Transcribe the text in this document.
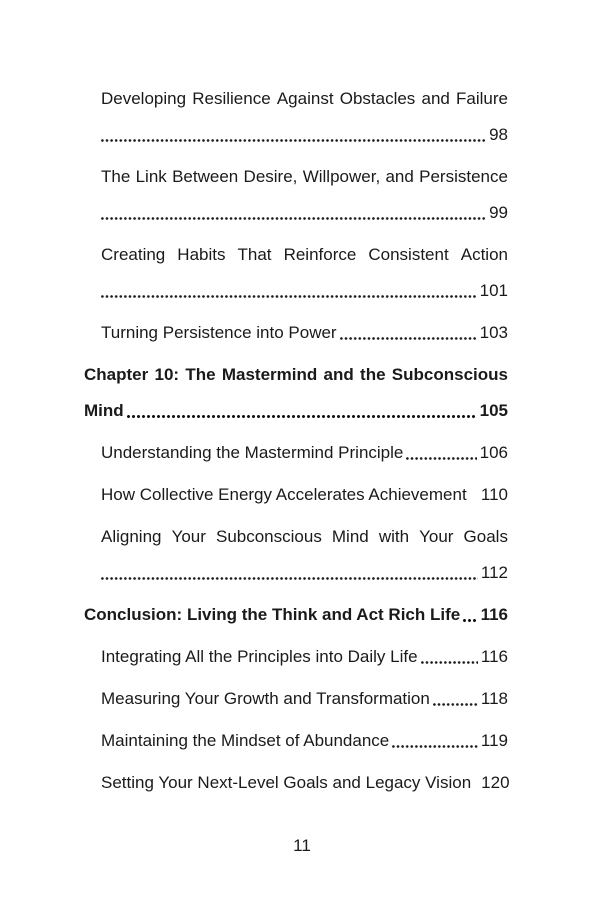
Developing Resilience Against Obstacles and Failure
98
The Link Between Desire, Willpower, and Persistence
99
Creating Habits That Reinforce Consistent Action
101
Turning Persistence into Power	103
Chapter 10: The Mastermind and the Subconscious
Mind	105
Understanding the Mastermind Principle	106
How Collective Energy Accelerates Achievement 110
Aligning Your Subconscious Mind with Your Goals
112
Conclusion: Living the Think and Act Rich Life 116
Integrating All the Principles into Daily Life	116
Measuring Your Growth and Transformation	118
Maintaining the Mindset of Abundance	119
Setting Your Next-Level Goals and Legacy Vision 120
11
